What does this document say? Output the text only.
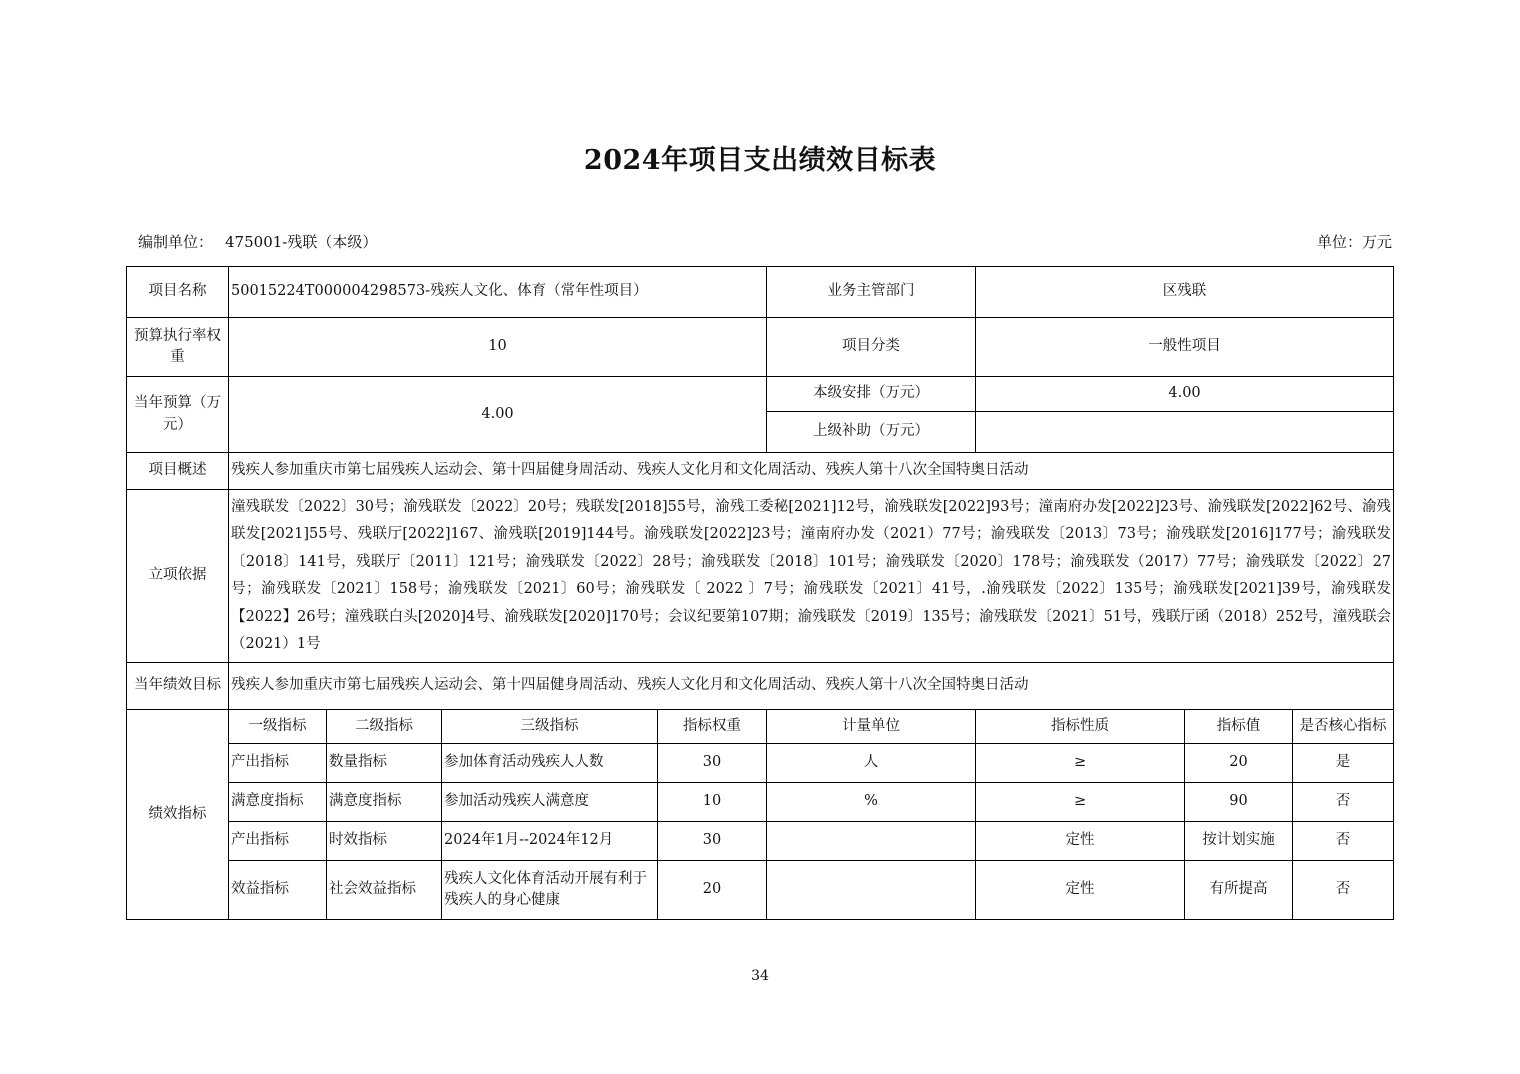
2024年项目支出绩效目标表
编制单位： 475001-残联（本级）	单位：万元
项目名称	50015224T000004298573-残疾人文化、体育（常年性项目）				业务主管部门	区残联		
预算执行率权重	10				项目分类	一般性项目		
当年预算（万元）	4.00				本级安排（万元）	4.00		
					上级补助（万元）			
项目概述	残疾人参加重庆市第七届残疾人运动会、第十四届健身周活动、残疾人文化月和文化周活动、残疾人第十八次全国特奥日活动							
立项依据	潼残联发〔2022〕30号；渝残联发〔2022〕20号；残联发[2018]55号，渝残工委秘[2021]12号，渝残联发[2022]93号；潼南府办发[2022]23号、渝残联发[2022]62号、渝残联发[2021]55号、残联厅[2022]167、渝残联[2019]144号。渝残联发[2022]23号；潼南府办发（2021）77号；渝残联发〔2013〕73号；渝残联发[2016]177号；渝残联发〔2018〕141号，残联厅〔2011〕121号；渝残联发〔2022〕28号；渝残联发〔2018〕101号；渝残联发〔2020〕178号；渝残联发（2017）77号；渝残联发〔2022〕27号；渝残联发〔2021〕158号；渝残联发〔2021〕60号；渝残联发〔 2022 〕7号；渝残联发〔2021〕41号，.渝残联发〔2022〕135号；渝残联发[2021]39号，渝残联发【2022】26号；潼残联白头[2020]4号、渝残联发[2020]170号；会议纪要第107期；渝残联发〔2019〕135号；渝残联发〔2021〕51号，残联厅函（2018）252号，潼残联会（2021）1号							
当年绩效目标	残疾人参加重庆市第七届残疾人运动会、第十四届健身周活动、残疾人文化月和文化周活动、残疾人第十八次全国特奥日活动							
绩效指标	一级指标	二级指标	三级指标	指标权重	计量单位	指标性质	指标值	是否核心指标
	产出指标	数量指标	参加体育活动残疾人人数	30	人	≥	20	是
	满意度指标	满意度指标	参加活动残疾人满意度	10	%	≥	90	否
	产出指标	时效指标	2024年1月--2024年12月	30		定性	按计划实施	否
	效益指标	社会效益指标	残疾人文化体育活动开展有利于残疾人的身心健康	20		定性	有所提高	否
34
